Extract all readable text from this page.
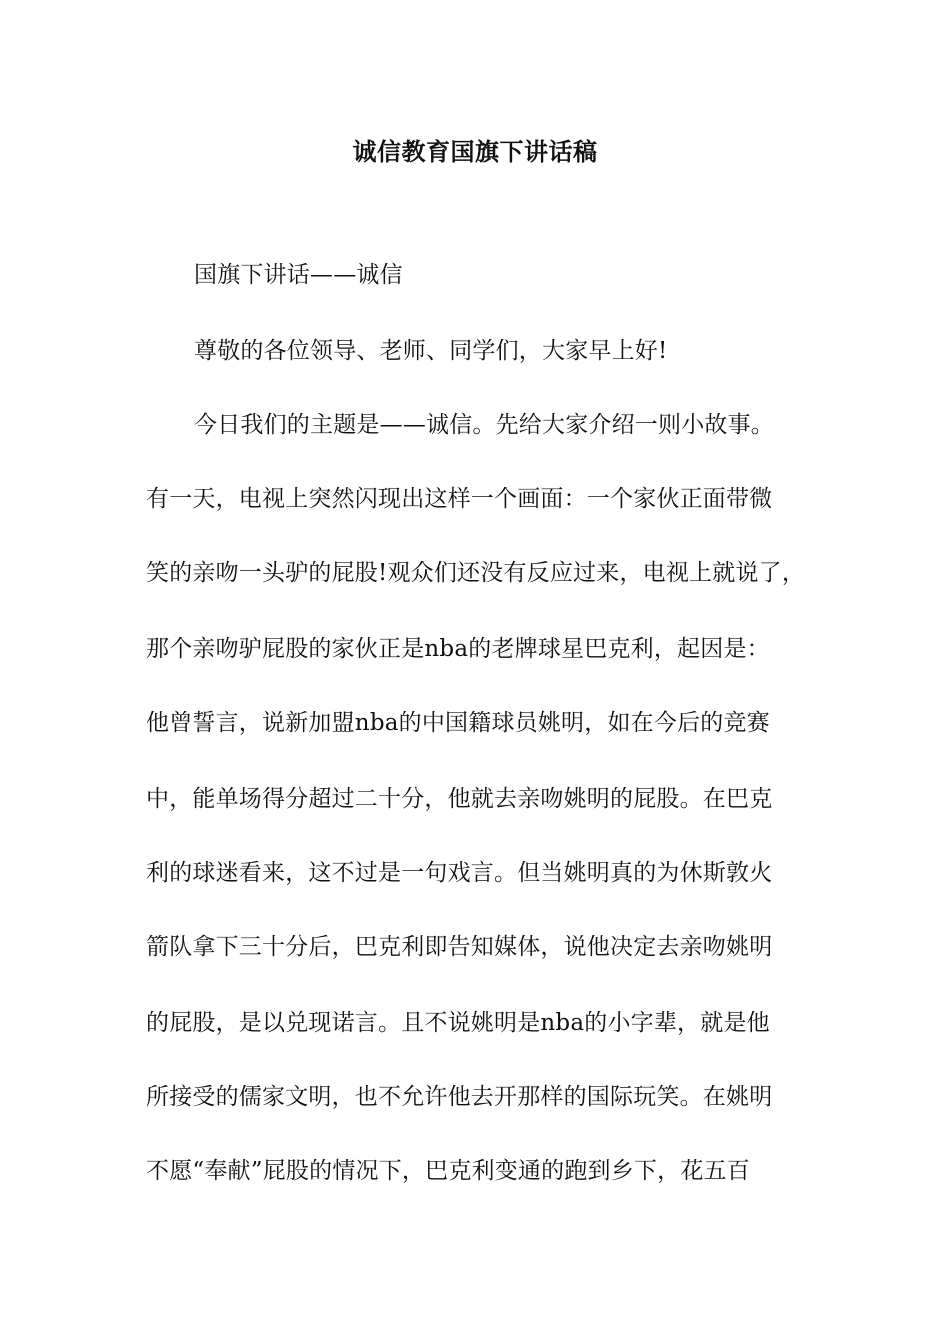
诚信教育国旗下讲话稿
国旗下讲话——诚信
尊敬的各位领导、老师、同学们，大家早上好!
今日我们的主题是——诚信。先给大家介绍一则小故事。
有一天，电视上突然闪现出这样一个画面：一个家伙正面带微
笑的亲吻一头驴的屁股!观众们还没有反应过来，电视上就说了，
那个亲吻驴屁股的家伙正是nba的老牌球星巴克利，起因是：
他曾誓言，说新加盟nba的中国籍球员姚明，如在今后的竞赛
中，能单场得分超过二十分，他就去亲吻姚明的屁股。在巴克
利的球迷看来，这不过是一句戏言。但当姚明真的为休斯敦火
箭队拿下三十分后，巴克利即告知媒体，说他决定去亲吻姚明
的屁股，是以兑现诺言。且不说姚明是nba的小字辈，就是他
所接受的儒家文明，也不允许他去开那样的国际玩笑。在姚明
不愿“奉献”屁股的情况下，巴克利变通的跑到乡下，花五百
